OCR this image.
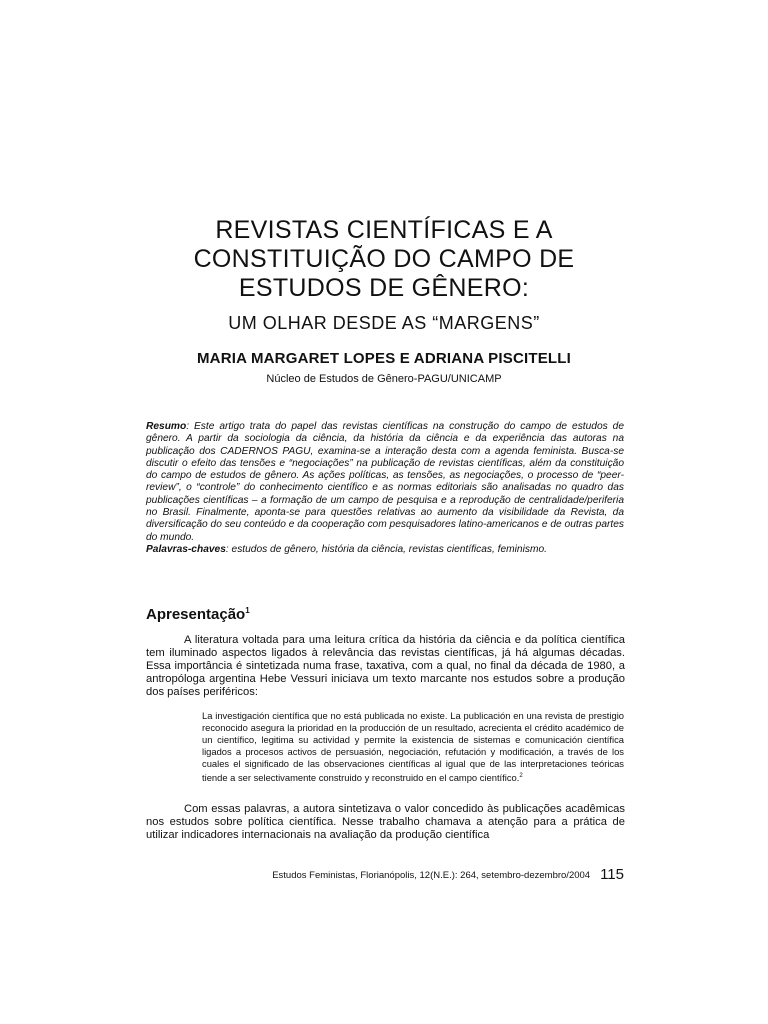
REVISTAS CIENTÍFICAS E A
CONSTITUIÇÃO DO CAMPO DE
ESTUDOS DE GÊNERO:
UM OLHAR DESDE AS “MARGENS”
MARIA MARGARET LOPES E ADRIANA PISCITELLI
Núcleo de Estudos de Gênero-PAGU/UNICAMP
Resumo: Este artigo trata do papel das revistas científicas na construção do campo de estudos de gênero. A partir da sociologia da ciência, da história da ciência e da experiência das autoras na publicação dos CADERNOS PAGU, examina-se a interação desta com a agenda feminista. Busca-se discutir o efeito das tensões e “negociações” na publicação de revistas científicas, além da constituição do campo de estudos de gênero. As ações políticas, as tensões, as negociações, o processo de “peer-review”, o “controle” do conhecimento científico e as normas editoriais são analisadas no quadro das publicações científicas – a formação de um campo de pesquisa e a reprodução de centralidade/periferia no Brasil. Finalmente, aponta-se para questões relativas ao aumento da visibilidade da Revista, da diversificação do seu conteúdo e da cooperação com pesquisadores latino-americanos e de outras partes do mundo.
Palavras-chaves: estudos de gênero, história da ciência, revistas científicas, feminismo.
Apresentação$^1$

A literatura voltada para uma leitura crítica da história da ciência e da política científica tem iluminado aspectos ligados à relevância das revistas científicas, já há algumas décadas. Essa importância é sintetizada numa frase, taxativa, com a qual, no final da década de 1980, a antropóloga argentina Hebe Vessuri iniciava um texto marcante nos estudos sobre a produção dos países periféricos:

La investigación científica que no está publicada no existe. La publicación en una revista de prestigio reconocido asegura la prioridad en la producción de un resultado, acrecienta el crédito académico de un científico, legitima su actividad y permite la existencia de sistemas e comunicación científica ligados a procesos activos de persuasión, negociación, refutación y modificación, a través de los cuales el significado de las observaciones científicas al igual que de las interpretaciones teóricas tiende a ser selectivamente construido y reconstruido en el campo científico.$^2$

Com essas palavras, a autora sintetizava o valor concedido às publicações acadêmicas nos estudos sobre política científica. Nesse trabalho chamava a atenção para a prática de utilizar indicadores internacionais na avaliação da produção científica

Estudos Feministas, Florianópolis, 12(N.E.): 264, setembro-dezembro/2004 115
